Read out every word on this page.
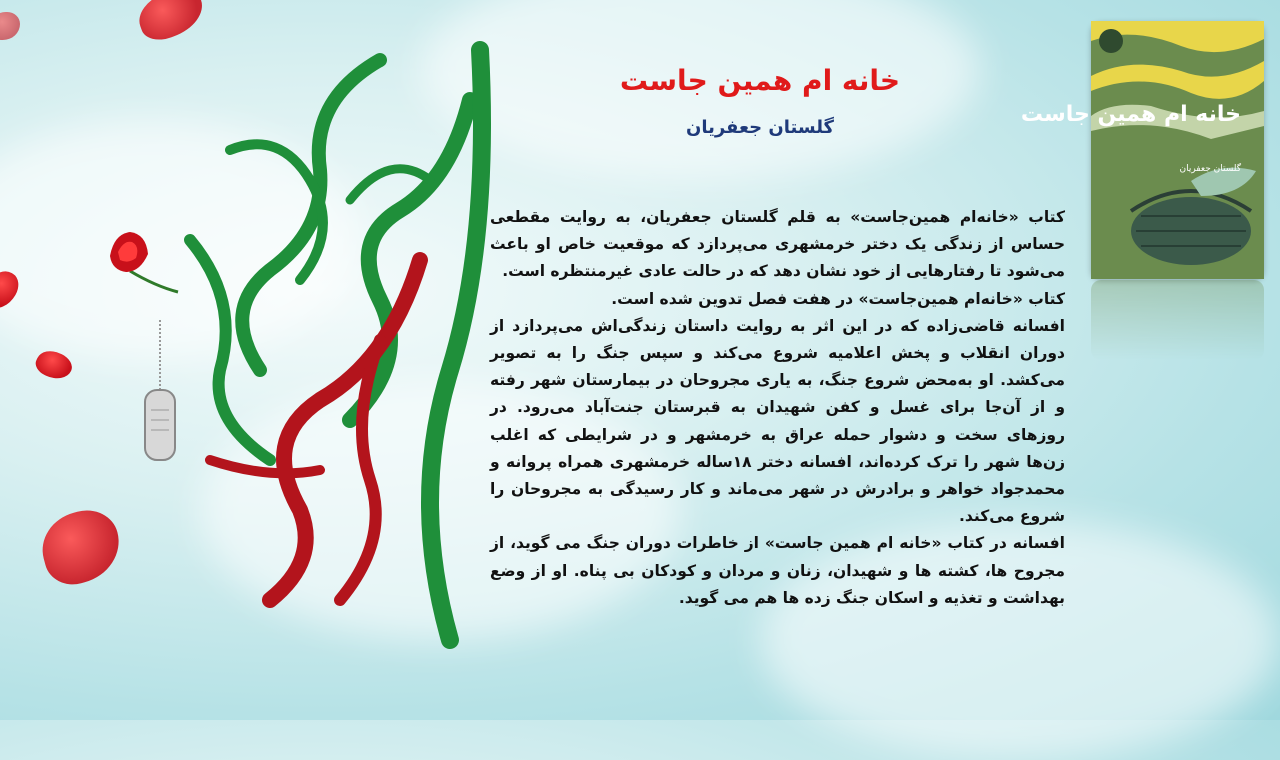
خانه ام همین جاست
گلستان جعفریان

کتاب «خانه‌ام همین‌جاست» به قلم گلستان جعفریان، به روایت مقطعی حساس از زندگی یک دختر خرمشهری می‌پردازد که موقعیت خاص او باعث می‌شود تا رفتارهایی از خود نشان دهد که در حالت عادی غیرمنتظره است.

کتاب «خانه‌ام همین‌جاست» در هفت فصل تدوین شده است.

افسانه قاضی‌زاده که در این اثر به روایت داستان زندگی‌اش می‌پردازد از دوران انقلاب و پخش اعلامیه شروع می‌کند و سپس جنگ را به تصویر می‌کشد. او به‌محض شروع جنگ، به یاری مجروحان در بیمارستان شهر رفته و از آن‌جا برای غسل و کفن شهیدان به قبرستان جنت‌آباد می‌رود. در روزهای سخت و دشوار حمله عراق به خرمشهر و در شرایطی که اغلب زن‌ها شهر را ترک کرده‌اند، افسانه دختر ۱۸ساله خرمشهری همراه پروانه و محمدجواد خواهر و برادرش در شهر می‌ماند و کار رسیدگی به مجروحان را شروع می‌کند.

افسانه در کتاب «خانه ام همین جاست» از خاطرات دوران جنگ می گوید، از مجروح ها، کشته ها و شهیدان، زنان و مردان و کودکان بی پناه. او از وضع بهداشت و تغذیه و اسکان جنگ زده ها هم می گوید.

خانه ام همین جاست
گلستان جعفریان
